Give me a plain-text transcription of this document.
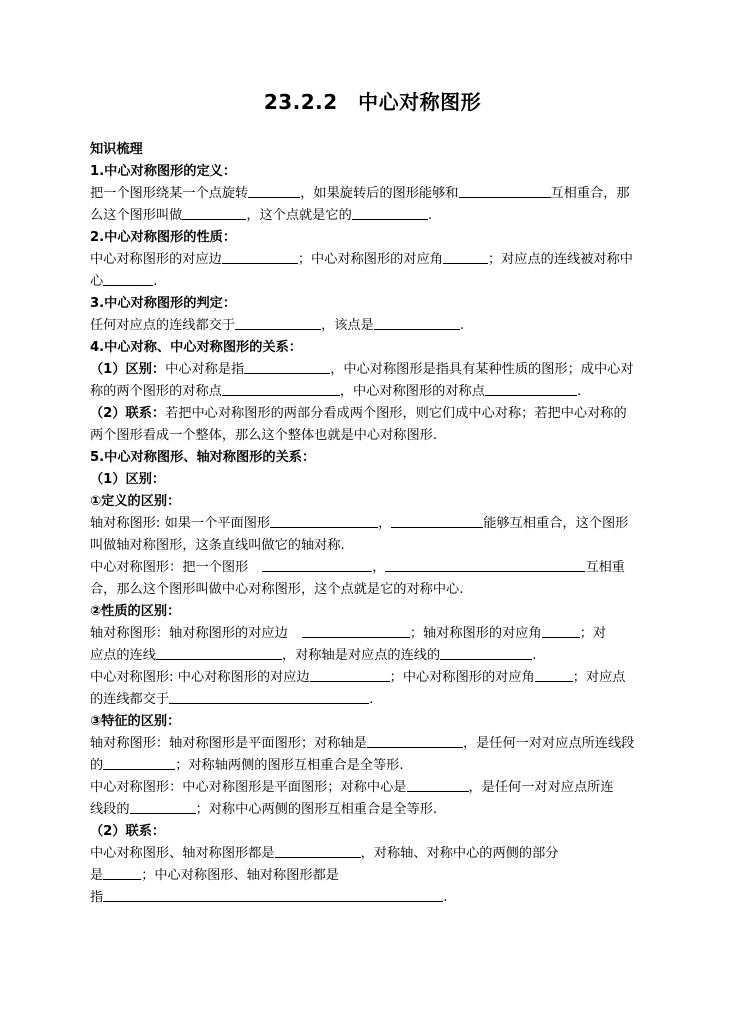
23.2.2　中心对称图形
知识梳理
1.中心对称图形的定义：
把一个图形绕某一个点旋转	，如果旋转后的图形能够和	互相重合，那
么这个图形叫做	，这个点就是它的	.
2.中心对称图形的性质：
中心对称图形的对应边	；中心对称图形的对应角	；对应点的连线被对称中
心	.
3.中心对称图形的判定：
任何对应点的连线都交于	，该点是	.
4.中心对称、中心对称图形的关系：
（1）区别：中心对称是指	，中心对称图形是指具有某种性质的图形；成中心对
称的两个图形的对称点	，中心对称图形的对称点	.
（2）联系：若把中心对称图形的两部分看成两个图形，则它们成中心对称；若把中心对称的
两个图形看成一个整体，那么这个整体也就是中心对称图形.
5.中心对称图形、轴对称图形的关系：
（1）区别：
①定义的区别：
轴对称图形: 如果一个平面图形	，	能够互相重合，这个图形
叫做轴对称图形，这条直线叫做它的轴对称.
中心对称图形：把一个图形	，	互相重
合，那么这个图形叫做中心对称图形，这个点就是它的对称中心.
②性质的区别：
轴对称图形：轴对称图形的对应边	；轴对称图形的对应角	；对
应点的连线	，对称轴是对应点的连线的	.
中心对称图形: 中心对称图形的对应边	；中心对称图形的对应角	；对应点
的连线都交于	.
③特征的区别：
轴对称图形：轴对称图形是平面图形；对称轴是	，是任何一对对应点所连线段
的	；对称轴两侧的图形互相重合是全等形.
中心对称图形：中心对称图形是平面图形；对称中心是	，是任何一对对应点所连
线段的	；对称中心两侧的图形互相重合是全等形.
（2）联系：
中心对称图形、轴对称图形都是	，对称轴、对称中心的两侧的部分
是	；中心对称图形、轴对称图形都是
指	.
